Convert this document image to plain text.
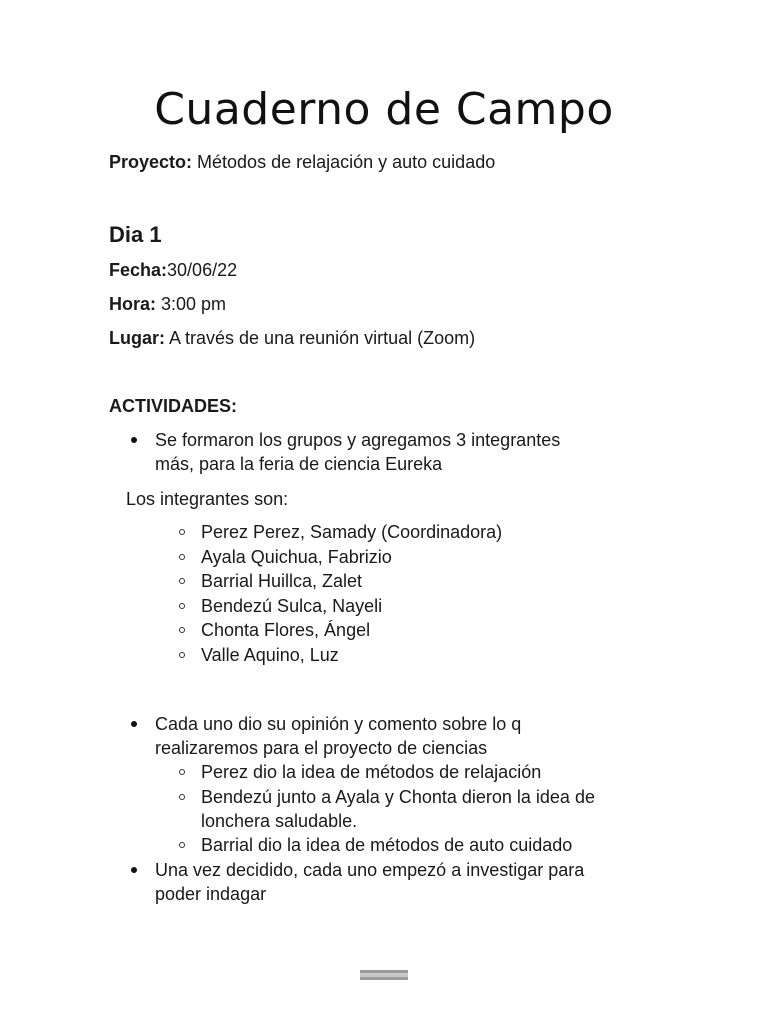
Cuaderno de Campo
Proyecto: Métodos de relajación y auto cuidado
Dia 1
Fecha:30/06/22
Hora: 3:00 pm
Lugar: A través de una reunión virtual (Zoom)
ACTIVIDADES:
Se formaron los grupos y agregamos 3 integrantes
más, para la feria de ciencia Eureka
Los integrantes son:
Perez Perez, Samady (Coordinadora)
Ayala Quichua, Fabrizio
Barrial Huillca, Zalet
Bendezú Sulca, Nayeli
Chonta Flores, Ángel
Valle Aquino, Luz
Cada uno dio su opinión y comento sobre lo q
realizaremos para el proyecto de ciencias
Perez dio la idea de métodos de relajación
Bendezú junto a Ayala y Chonta dieron la idea de
lonchera saludable.
Barrial dio la idea de métodos de auto cuidado
Una vez decidido, cada uno empezó a investigar para
poder indagar
